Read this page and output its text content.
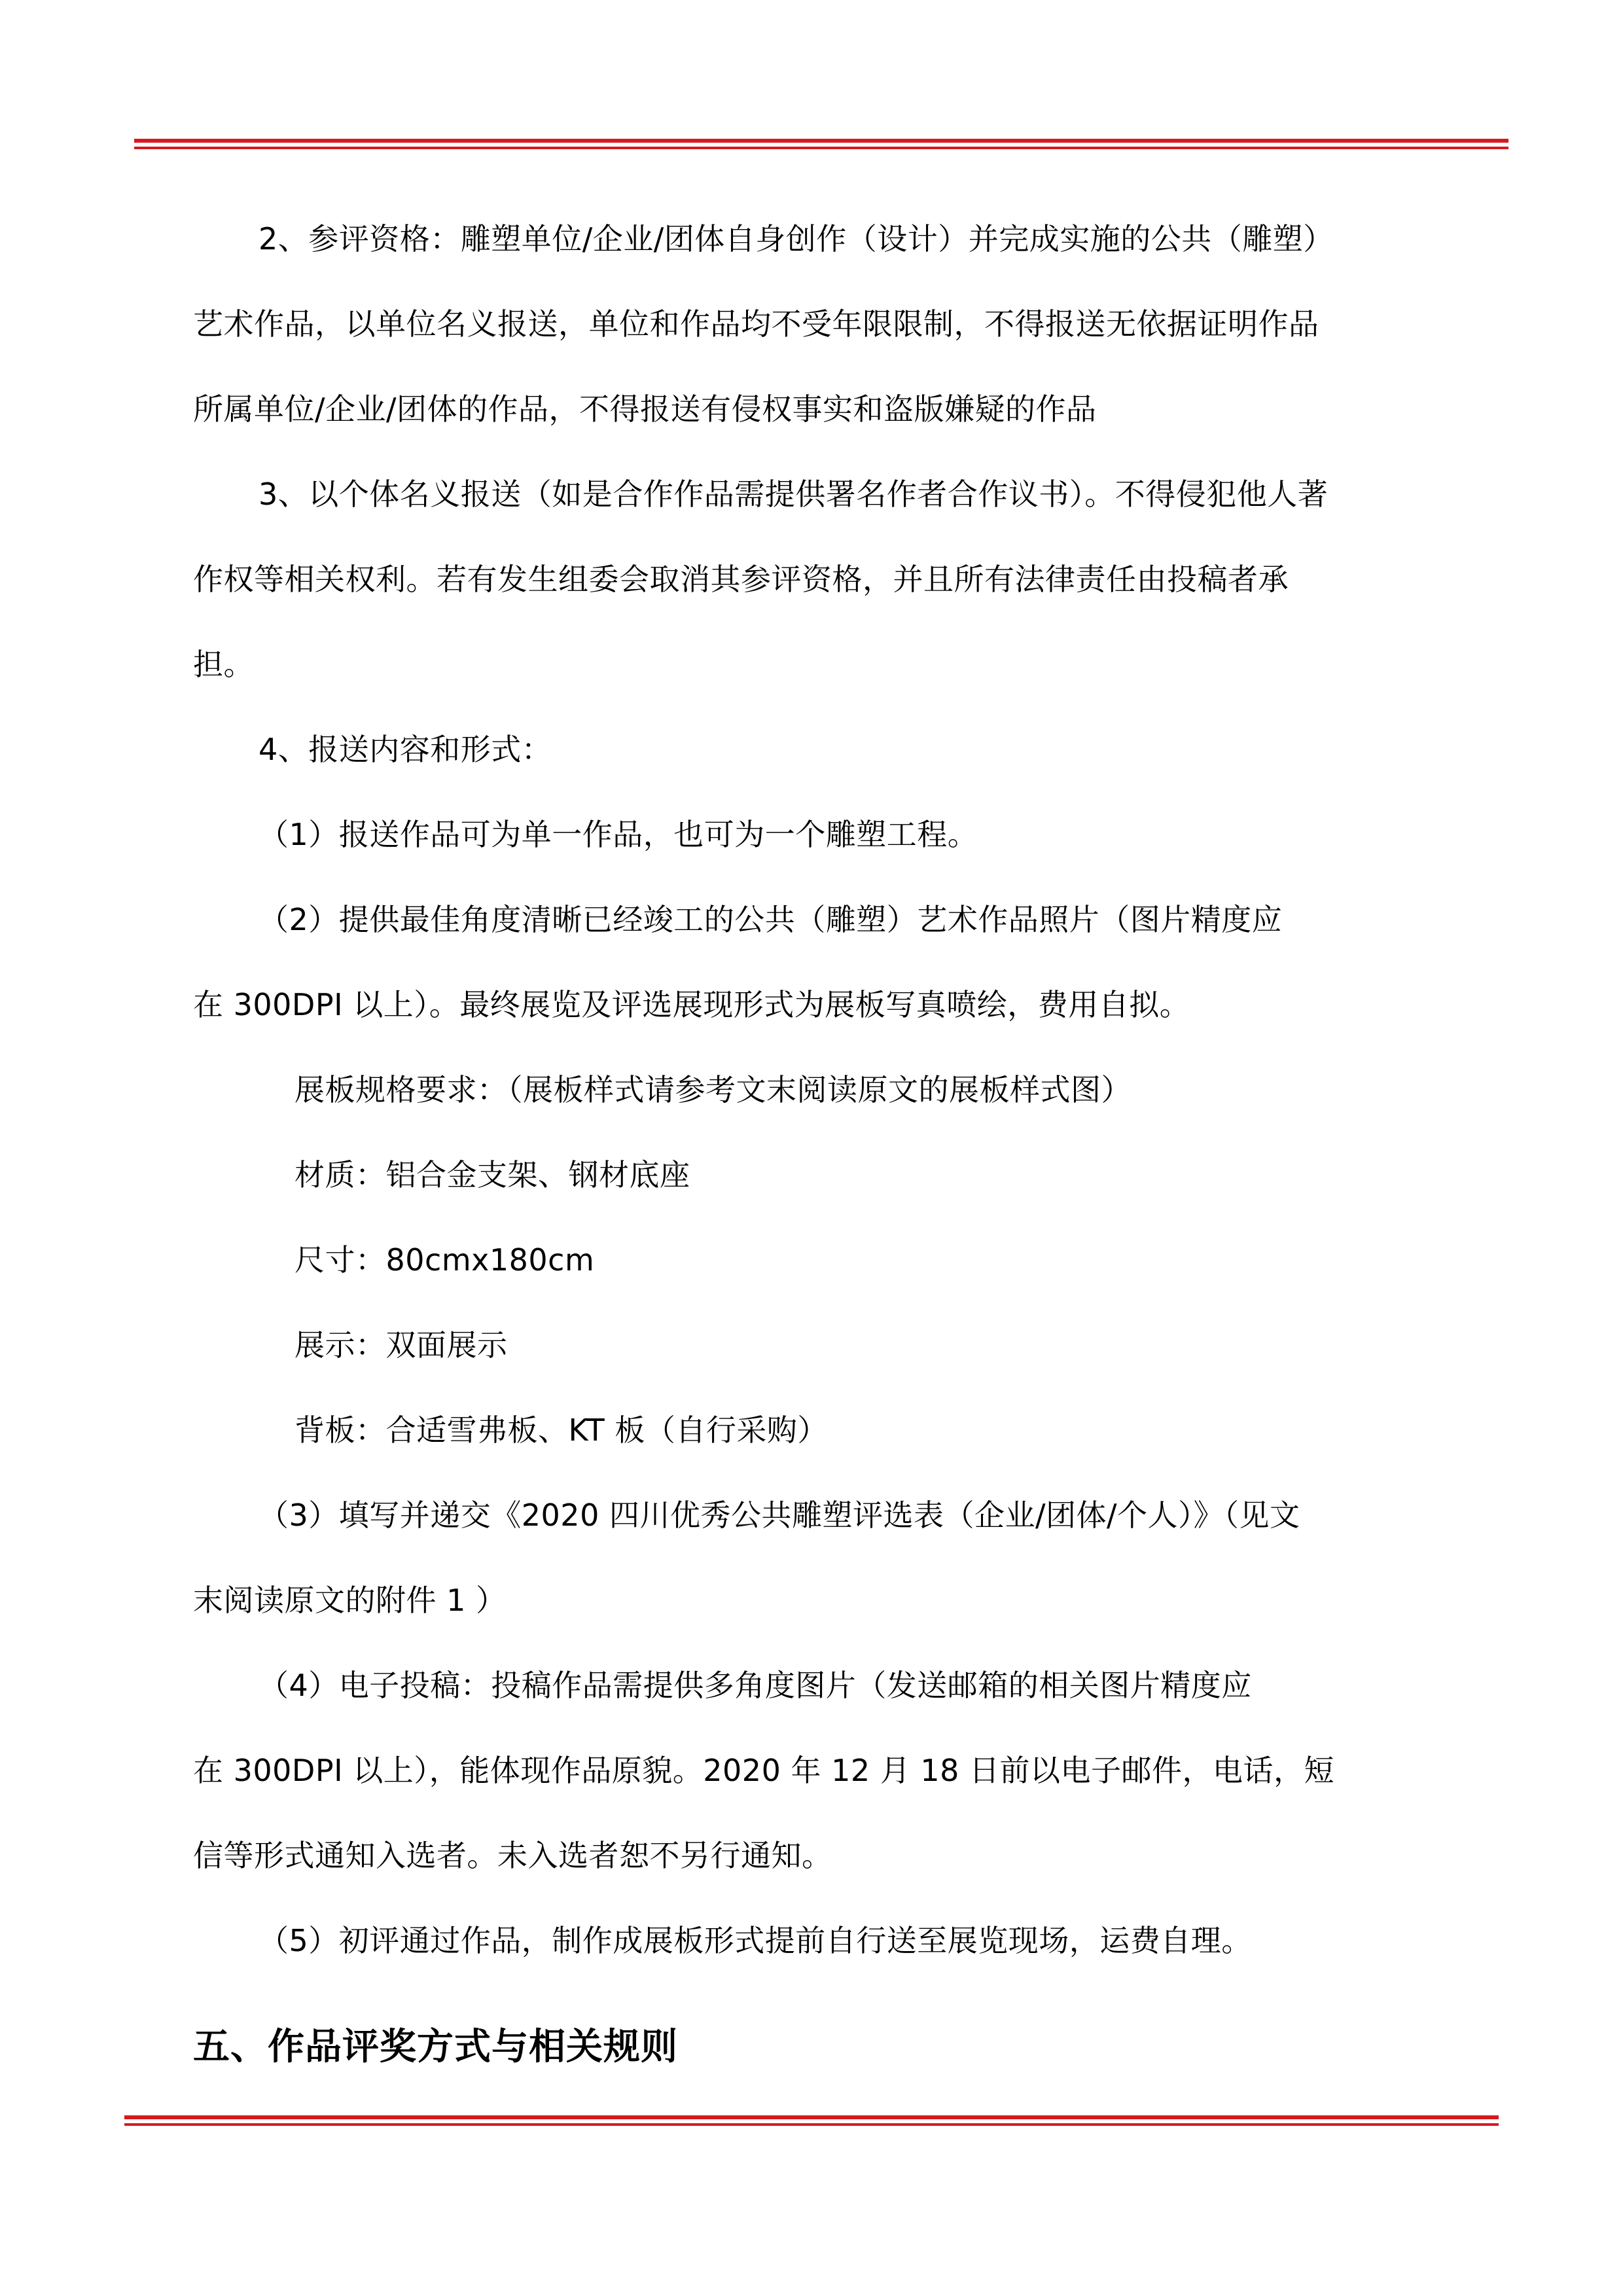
2、参评资格：雕塑单位/企业/团体自身创作（设计）并完成实施的公共（雕塑）
艺术作品，以单位名义报送，单位和作品均不受年限限制，不得报送无依据证明作品
所属单位/企业/团体的作品，不得报送有侵权事实和盗版嫌疑的作品
3、以个体名义报送（如是合作作品需提供署名作者合作议书）。不得侵犯他人著
作权等相关权利。若有发生组委会取消其参评资格，并且所有法律责任由投稿者承
担。
4、报送内容和形式：
（1）报送作品可为单一作品，也可为一个雕塑工程。
（2）提供最佳角度清晰已经竣工的公共（雕塑）艺术作品照片（图片精度应
在 300DPI 以上）。最终展览及评选展现形式为展板写真喷绘，费用自拟。
展板规格要求：（展板样式请参考文末阅读原文的展板样式图）
材质：铝合金支架、钢材底座
尺寸：80cmx180cm
展示：双面展示
背板：合适雪弗板、KT 板（自行采购）
（3）填写并递交《2020 四川优秀公共雕塑评选表（企业/团体/个人）》（见文
末阅读原文的附件 1 ）
（4）电子投稿：投稿作品需提供多角度图片（发送邮箱的相关图片精度应
在 300DPI 以上），能体现作品原貌。2020 年 12 月 18 日前以电子邮件，电话，短
信等形式通知入选者。未入选者恕不另行通知。
（5）初评通过作品，制作成展板形式提前自行送至展览现场，运费自理。
五、作品评奖方式与相关规则
